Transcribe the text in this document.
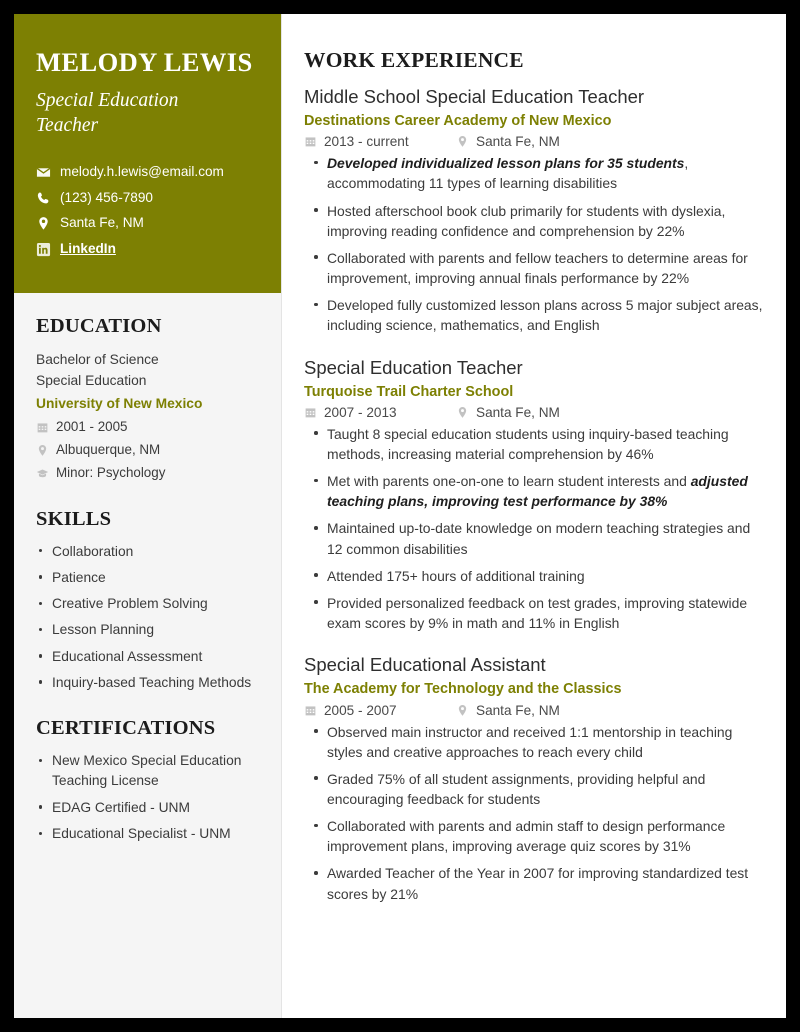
MELODY LEWIS
Special Education Teacher
melody.h.lewis@email.com
(123) 456-7890
Santa Fe, NM
LinkedIn
EDUCATION
Bachelor of Science
Special Education
University of New Mexico
2001 - 2005
Albuquerque, NM
Minor: Psychology
SKILLS
Collaboration
Patience
Creative Problem Solving
Lesson Planning
Educational Assessment
Inquiry-based Teaching Methods
CERTIFICATIONS
New Mexico Special Education Teaching License
EDAG Certified - UNM
Educational Specialist - UNM
WORK EXPERIENCE
Middle School Special Education Teacher
Destinations Career Academy of New Mexico
2013 - current	Santa Fe, NM
Developed individualized lesson plans for 35 students, accommodating 11 types of learning disabilities
Hosted afterschool book club primarily for students with dyslexia, improving reading confidence and comprehension by 22%
Collaborated with parents and fellow teachers to determine areas for improvement, improving annual finals performance by 22%
Developed fully customized lesson plans across 5 major subject areas, including science, mathematics, and English
Special Education Teacher
Turquoise Trail Charter School
2007 - 2013	Santa Fe, NM
Taught 8 special education students using inquiry-based teaching methods, increasing material comprehension by 46%
Met with parents one-on-one to learn student interests and adjusted teaching plans, improving test performance by 38%
Maintained up-to-date knowledge on modern teaching strategies and 12 common disabilities
Attended 175+ hours of additional training
Provided personalized feedback on test grades, improving statewide exam scores by 9% in math and 11% in English
Special Educational Assistant
The Academy for Technology and the Classics
2005 - 2007	Santa Fe, NM
Observed main instructor and received 1:1 mentorship in teaching styles and creative approaches to reach every child
Graded 75% of all student assignments, providing helpful and encouraging feedback for students
Collaborated with parents and admin staff to design performance improvement plans, improving average quiz scores by 31%
Awarded Teacher of the Year in 2007 for improving standardized test scores by 21%
